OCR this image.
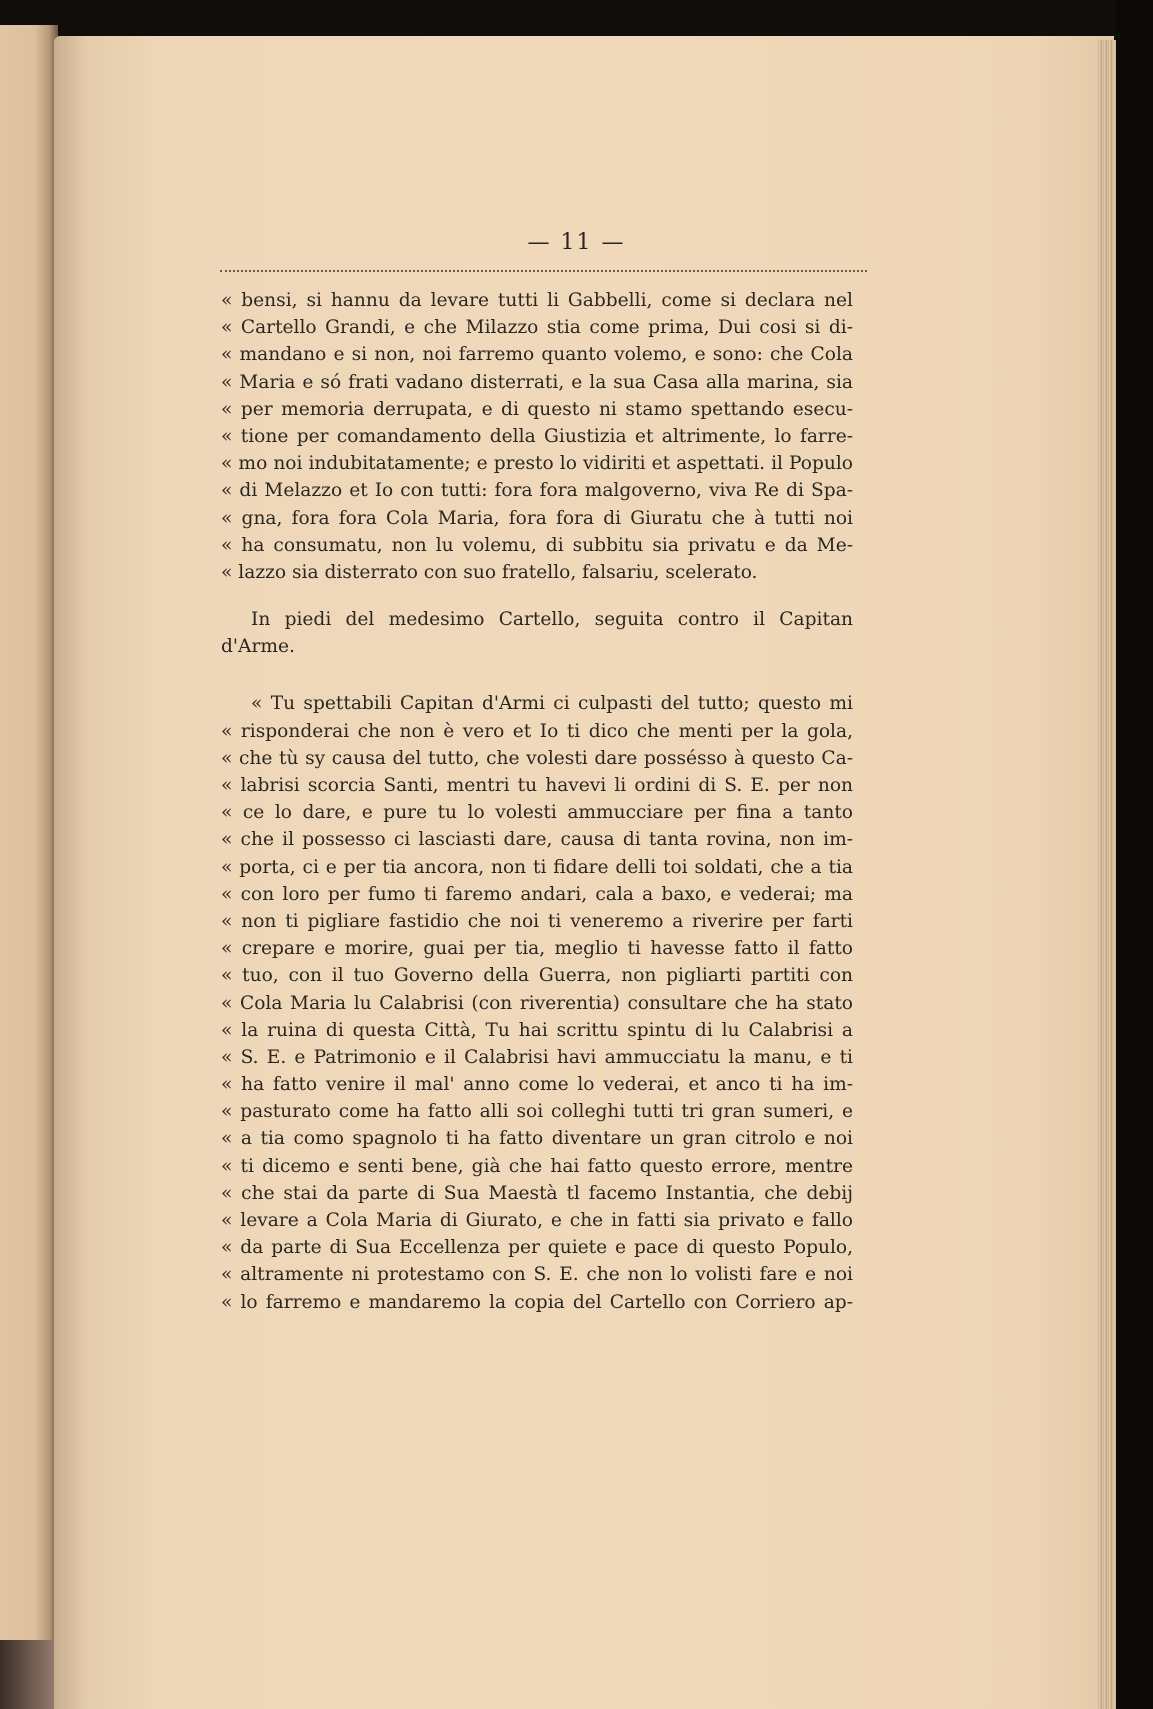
— 11 —
« bensi, si hannu da levare tutti li Gabbelli, come si declara nel
« Cartello Grandi, e che Milazzo stia come prima, Dui cosi si di-
« mandano e si non, noi farremo quanto volemo, e sono: che Cola
« Maria e só frati vadano disterrati, e la sua Casa alla marina, sia
« per memoria derrupata, e di questo ni stamo spettando esecu-
« tione per comandamento della Giustizia et altrimente, lo farre-
« mo noi indubitatamente; e presto lo vidiriti et aspettati. il Populo
« di Melazzo et Io con tutti: fora fora malgoverno, viva Re di Spa-
« gna, fora fora Cola Maria, fora fora di Giuratu che à tutti noi
« ha consumatu, non lu volemu, di subbitu sia privatu e da Me-
« lazzo sia disterrato con suo fratello, falsariu, scelerato.
In piedi del medesimo Cartello, seguita contro il Capitan
d'Arme.
« Tu spettabili Capitan d'Armi ci culpasti del tutto; questo mi
« risponderai che non è vero et Io ti dico che menti per la gola,
« che tù sy causa del tutto, che volesti dare possésso à questo Ca-
« labrisi scorcia Santi, mentri tu havevi li ordini di S. E. per non
« ce lo dare, e pure tu lo volesti ammucciare per fina a tanto
« che il possesso ci lasciasti dare, causa di tanta rovina, non im-
« porta, ci e per tia ancora, non ti fidare delli toi soldati, che a tia
« con loro per fumo ti faremo andari, cala a baxo, e vederai; ma
« non ti pigliare fastidio che noi ti veneremo a riverire per farti
« crepare e morire, guai per tia, meglio ti havesse fatto il fatto
« tuo, con il tuo Governo della Guerra, non pigliarti partiti con
« Cola Maria lu Calabrisi (con riverentia) consultare che ha stato
« la ruina di questa Città, Tu hai scrittu spintu di lu Calabrisi a
« S. E. e Patrimonio e il Calabrisi havi ammucciatu la manu, e ti
« ha fatto venire il mal' anno come lo vederai, et anco ti ha im-
« pasturato come ha fatto alli soi colleghi tutti tri gran sumeri, e
« a tia como spagnolo ti ha fatto diventare un gran citrolo e noi
« ti dicemo e senti bene, già che hai fatto questo errore, mentre
« che stai da parte di Sua Maestà tl facemo Instantia, che debij
« levare a Cola Maria di Giurato, e che in fatti sia privato e fallo
« da parte di Sua Eccellenza per quiete e pace di questo Populo,
« altramente ni protestamo con S. E. che non lo volisti fare e noi
« lo farremo e mandaremo la copia del Cartello con Corriero ap-
